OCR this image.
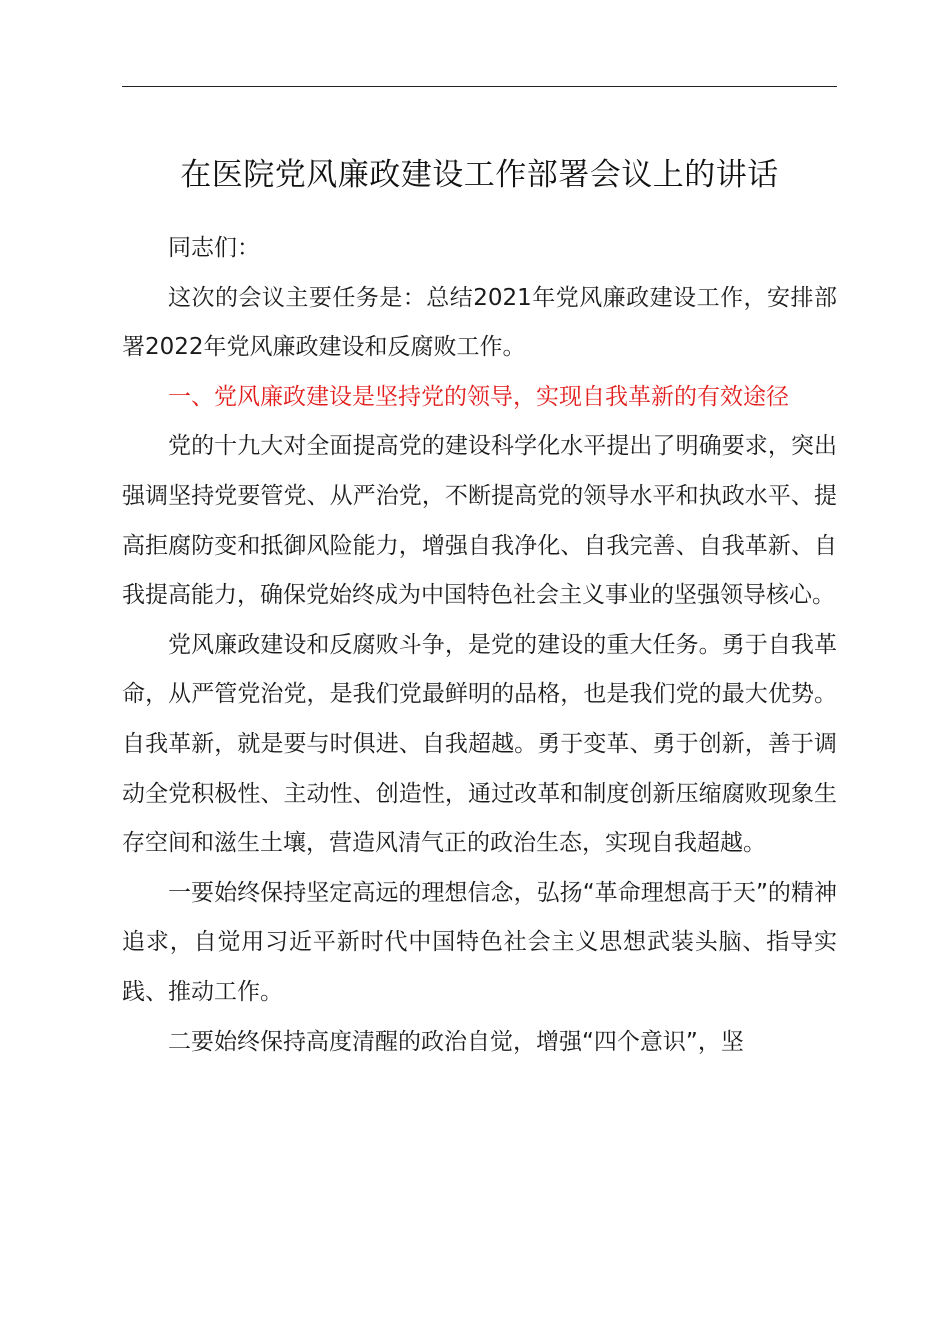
在医院党风廉政建设工作部署会议上的讲话

同志们：

这次的会议主要任务是：总结2021年党风廉政建设工作，安排部署2022年党风廉政建设和反腐败工作。

一、党风廉政建设是坚持党的领导，实现自我革新的有效途径

党的十九大对全面提高党的建设科学化水平提出了明确要求，突出强调坚持党要管党、从严治党，不断提高党的领导水平和执政水平、提高拒腐防变和抵御风险能力，增强自我净化、自我完善、自我革新、自我提高能力，确保党始终成为中国特色社会主义事业的坚强领导核心。

党风廉政建设和反腐败斗争，是党的建设的重大任务。勇于自我革命，从严管党治党，是我们党最鲜明的品格，也是我们党的最大优势。自我革新，就是要与时俱进、自我超越。勇于变革、勇于创新，善于调动全党积极性、主动性、创造性，通过改革和制度创新压缩腐败现象生存空间和滋生土壤，营造风清气正的政治生态，实现自我超越。

一要始终保持坚定高远的理想信念，弘扬“革命理想高于天”的精神追求，自觉用习近平新时代中国特色社会主义思想武装头脑、指导实践、推动工作。

二要始终保持高度清醒的政治自觉，增强“四个意识”，坚
